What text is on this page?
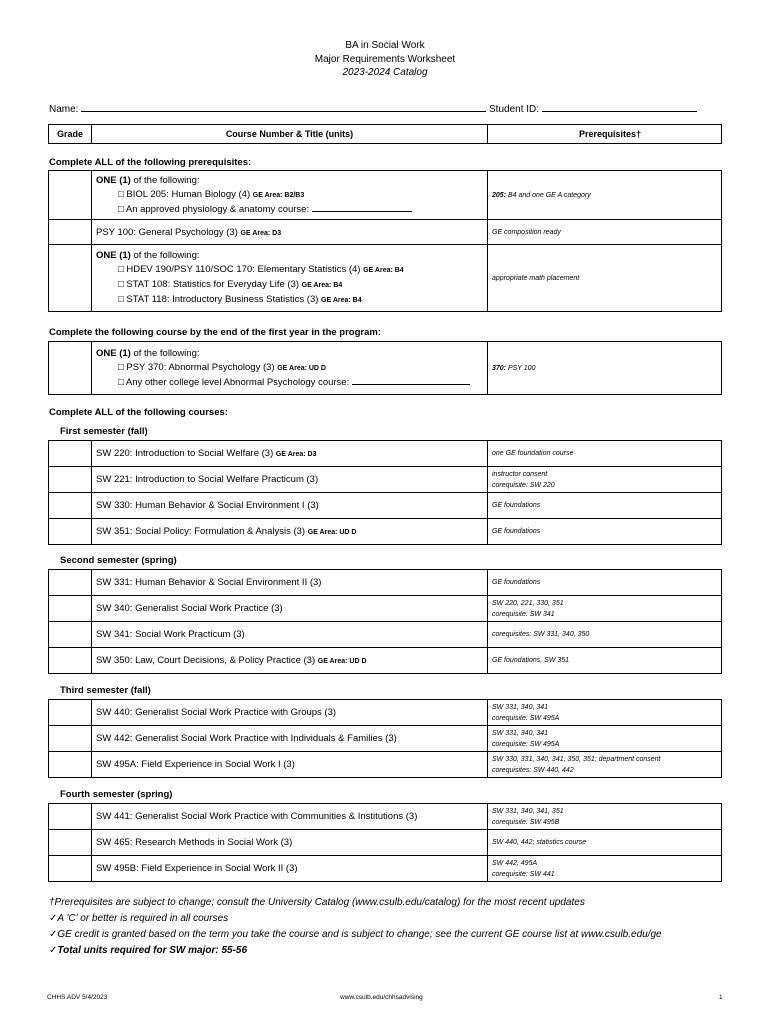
BA in Social Work
Major Requirements Worksheet
2023-2024 Catalog
Name:	Student ID:
Grade	Course Number & Title (units)	Prerequisites†
Complete ALL of the following prerequisites:

	ONE (1) of the following:
□ BIOL 205: Human Biology (4) GE Area: B2/B3
□ An approved physiology & anatomy course:	205: B4 and one GE A category
	PSY 100: General Psychology (3) GE Area: D3	GE composition ready

	ONE (1) of the following:
□ HDEV 190/PSY 110/SOC 170: Elementary Statistics (4) GE Area: B4
□ STAT 108: Statistics for Everyday Life (3) GE Area: B4
□ STAT 118: Introductory Business Statistics (3) GE Area: B4	appropriate math placement
Complete the following course by the end of the first year in the program:

ONE (1) of the following:
□ PSY 370: Abnormal Psychology (3) GE Area: UD D
□ Any other college level Abnormal Psychology course:
	370: PSY 100
Complete ALL of the following courses:
First semester (fall)
	SW 220: Introduction to Social Welfare (3) GE Area: D3	one GE foundation course

	SW 221: Introduction to Social Welfare Practicum (3)	instructor consent
corequisite: SW 220

	SW 330: Human Behavior & Social Environment I (3)	GE foundations

	SW 351: Social Policy: Formulation & Analysis (3) GE Area: UD D	GE foundations
Second semester (spring)
	SW 331: Human Behavior & Social Environment II (3)	GE foundations

	SW 340: Generalist Social Work Practice (3)	SW 220, 221, 330, 351
corequisite: SW 341

	SW 341: Social Work Practicum (3)	corequisites: SW 331, 340, 350

	SW 350: Law, Court Decisions, & Policy Practice (3) GE Area: UD D	GE foundations, SW 351
Third semester (fall)
	SW 440: Generalist Social Work Practice with Groups (3)	SW 331, 340, 341
corequisite: SW 495A

	SW 442: Generalist Social Work Practice with Individuals & Families (3)	SW 331, 340, 341
corequisite: SW 495A

	SW 495A: Field Experience in Social Work I (3)	SW 330, 331, 340, 341, 350, 351; department consent
corequisites: SW 440, 442
Fourth semester (spring)
	SW 441: Generalist Social Work Practice with Communities & Institutions (3)	SW 331, 340, 341, 351
corequisite: SW 495B

	SW 465: Research Methods in Social Work (3)	SW 440, 442; statistics course

	SW 495B: Field Experience in Social Work II (3)	SW 442, 495A
corequisite: SW 441
†Prerequisites are subject to change; consult the University Catalog (www.csulb.edu/catalog) for the most recent updates
✓A 'C' or better is required in all courses
✓GE credit is granted based on the term you take the course and is subject to change; see the current GE course list at www.csulb.edu/ge
✓Total units required for SW major: 55-56
CHHS ADV 5/4/2023	www.csulb.edu/chhsadvising	1
